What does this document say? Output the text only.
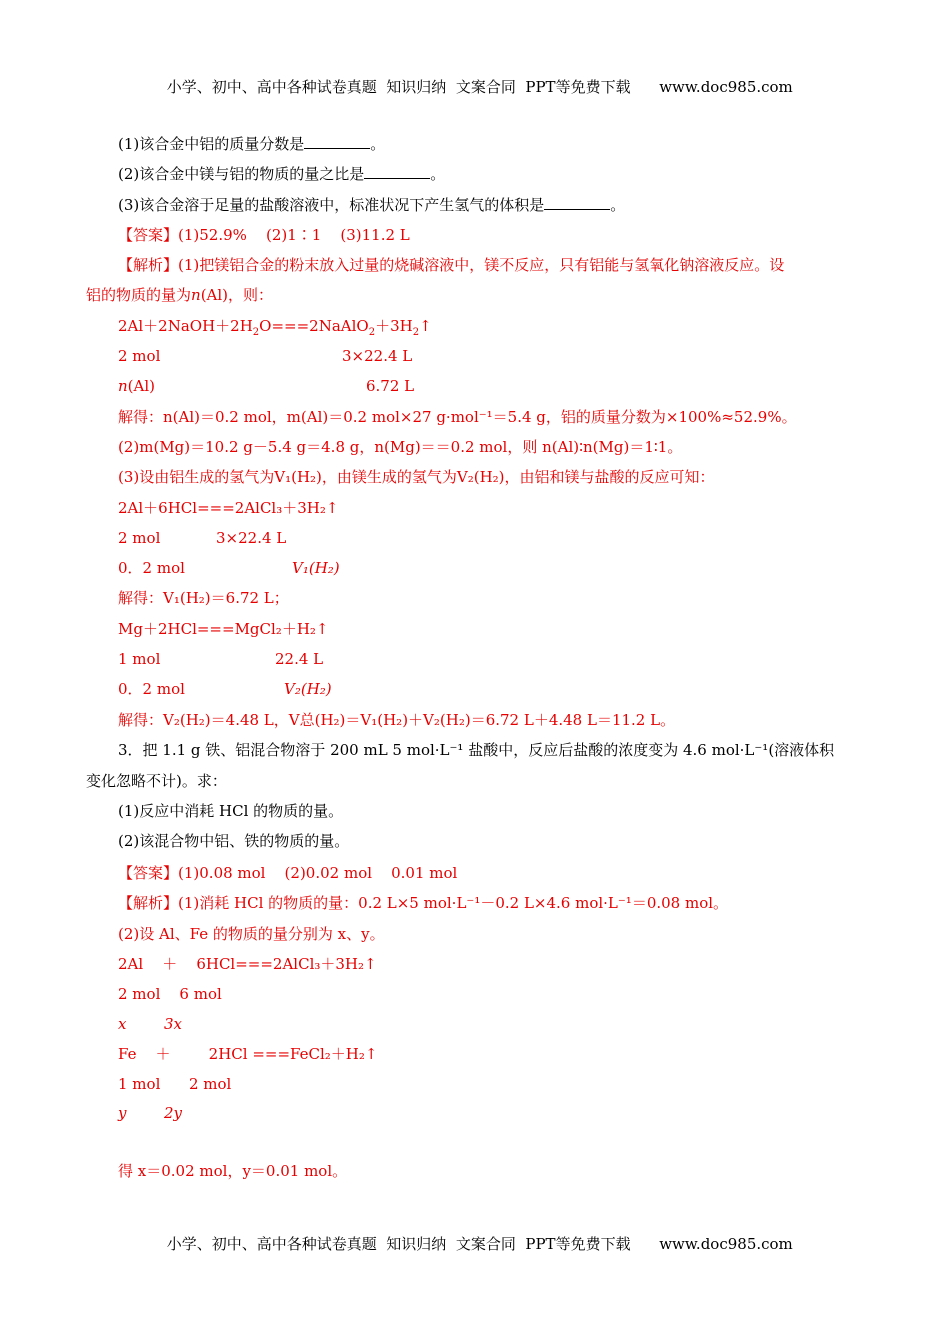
小学、初中、高中各种试卷真题  知识归纳  文案合同  PPT等免费下载 www.doc985.com

(1)该合金中铝的质量分数是	。
(2)该合金中镁与铝的物质的量之比是	。
(3)该合金溶于足量的盐酸溶液中，标准状况下产生氢气的体积是	。
【答案】(1)52.9%    (2)1∶1    (3)11.2 L
【解析】(1)把镁铝合金的粉末放入过量的烧碱溶液中，镁不反应，只有铝能与氢氧化钠溶液反应。设
铝的物质的量为n(Al)，则：
$2Al+2NaOH+2H_2O===2NaAlO_2+3H_2↑$
2 mol	3×22.4 L
n(Al)	6.72 L
解得：n(Al)＝0.2 mol，m(Al)＝0.2 mol×27 g·mol⁻¹＝5.4 g，铝的质量分数为×100%≈52.9%。
(2)m(Mg)＝10.2 g－5.4 g＝4.8 g，n(Mg)＝＝0.2 mol，则 n(Al)∶n(Mg)＝1∶1。
(3)设由铝生成的氢气为V₁(H₂)，由镁生成的氢气为V₂(H₂)，由铝和镁与盐酸的反应可知：
2Al＋6HCl===2AlCl₃＋3H₂↑
2 mol	3×22.4 L
0．2 mol	V₁(H₂)
解得：V₁(H₂)＝6.72 L；
Mg＋2HCl===MgCl₂＋H₂↑
1 mol	22.4 L
0．2 mol	V₂(H₂)
解得：V₂(H₂)＝4.48 L，V总(H₂)＝V₁(H₂)＋V₂(H₂)＝6.72 L＋4.48 L＝11.2 L。
3．把 1.1 g 铁、铝混合物溶于 200 mL 5 mol·L⁻¹ 盐酸中，反应后盐酸的浓度变为 4.6 mol·L⁻¹(溶液体积
变化忽略不计)。求：
(1)反应中消耗 HCl 的物质的量。
(2)该混合物中铝、铁的物质的量。
【答案】(1)0.08 mol    (2)0.02 mol    0.01 mol
【解析】(1)消耗 HCl 的物质的量：0.2 L×5 mol·L⁻¹－0.2 L×4.6 mol·L⁻¹＝0.08 mol。
(2)设 Al、Fe 的物质的量分别为 x、y。
2Al    ＋    6HCl===2AlCl₃＋3H₂↑
2 mol    6 mol
x	3x
Fe    ＋        2HCl ===FeCl₂＋H₂↑
1 mol      2 mol
y	2y
得 x＝0.02 mol，y＝0.01 mol。

小学、初中、高中各种试卷真题  知识归纳  文案合同  PPT等免费下载 www.doc985.com
